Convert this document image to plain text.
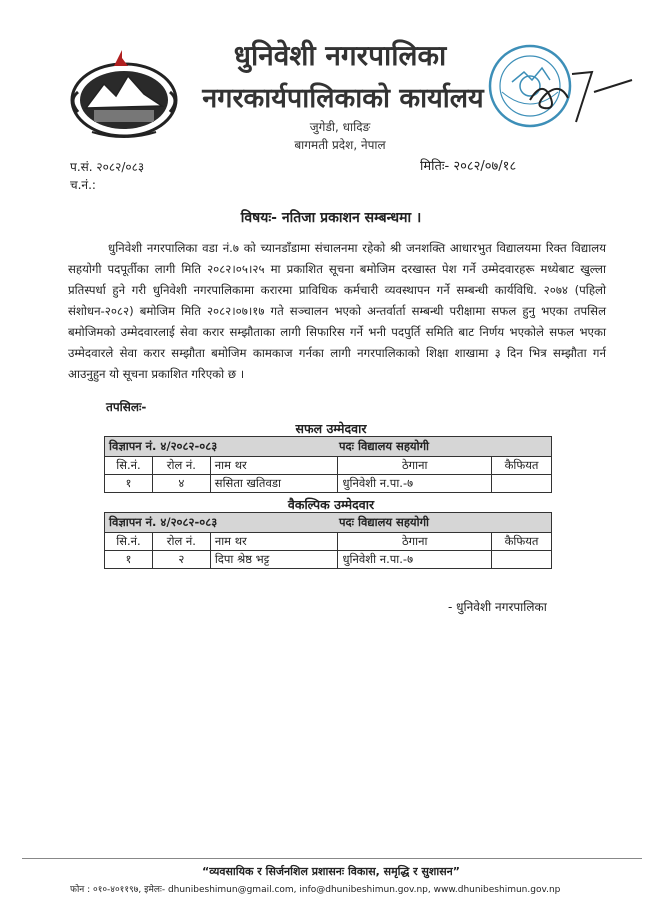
धुनिवेशी नगरपालिका
नगरकार्यपालिकाको कार्यालय
जुगेडी, धादिङ
बागमती प्रदेश, नेपाल
प.सं. २०८२/०८३
च.नं.:
मितिः- २०८२/०७/१८
विषयः- नतिजा प्रकाशन सम्बन्धमा ।

धुनिवेशी नगरपालिका वडा नं.७ को च्यानडाँडामा संचालनमा रहेको श्री जनशक्ति आधारभुत विद्यालयमा रिक्त विद्यालय सहयोगी पदपूर्तीका लागी मिति २०८२।०५।२५ मा प्रकाशित सूचना बमोजिम दरखास्त पेश गर्ने उम्मेदवारहरू मध्येबाट खुल्ला प्रतिस्पर्धा हुने गरी धुनिवेशी नगरपालिकामा करारमा प्राविधिक कर्मचारी व्यवस्थापन गर्ने सम्बन्धी कार्यविधि. २०७४ (पहिलो संशोधन-२०८२) बमोजिम मिति २०८२।०७।१७ गते सञ्चालन भएको अन्तर्वार्ता सम्बन्धी परीक्षामा सफल हुनु भएका तपसिल बमोजिमको उम्मेदवारलाई सेवा करार सम्झौताका लागी सिफारिस गर्ने भनी पदपुर्ति समिति बाट निर्णय भएकोले सफल भएका उम्मेदवारले सेवा करार सम्झौता बमोजिम कामकाज गर्नका लागी नगरपालिकाको शिक्षा शाखामा ३ दिन भित्र सम्झौता गर्न आउनुहुन यो सूचना प्रकाशित गरिएको छ ।

तपसिलः-
सफल उम्मेदवार
विज्ञापन नं. ४/२०८२-०८३ पदः विद्यालय सहयोगी				
सि.नं.	रोल नं.	नाम थर	ठेगाना	कैफियत
१	४	ससिता खतिवडा	धुनिवेशी न.पा.-७	
वैकल्पिक उम्मेदवार
विज्ञापन नं. ४/२०८२-०८३ पदः विद्यालय सहयोगी				
सि.नं.	रोल नं.	नाम थर	ठेगाना	कैफियत
१	२	दिपा श्रेष्ठ भट्ट	धुनिवेशी न.पा.-७	
- धुनिवेशी नगरपालिका
“व्यवसायिक र सिर्जनशिल प्रशासनः विकास, समृद्धि र सुशासन”
फोन : ०१०-४०११९७, इमेलः- dhunibeshimun@gmail.com, info@dhunibeshimun.gov.np, www.dhunibeshimun.gov.np
